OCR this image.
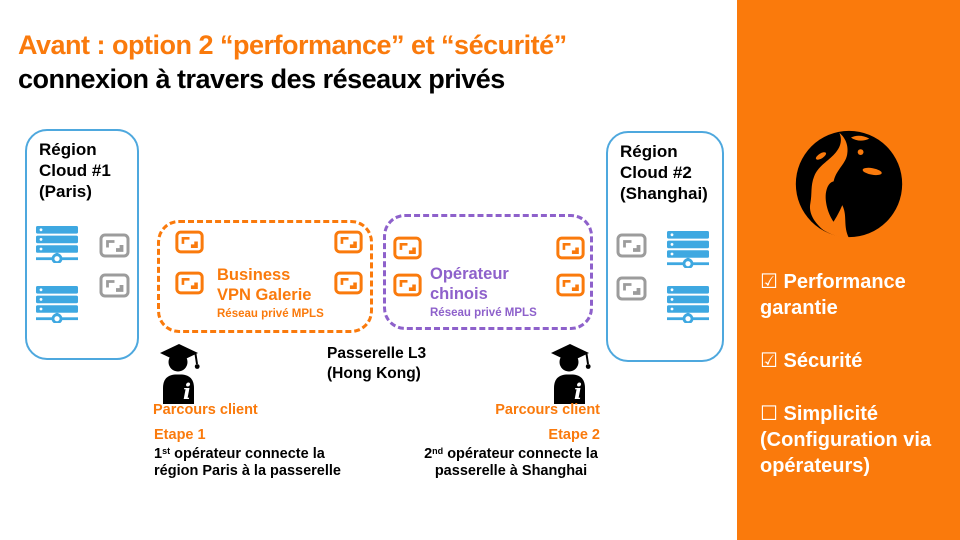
Avant : option 2 “performance” et “sécurité”
connexion à travers des réseaux privés
Région Cloud #1 (Paris)
Région Cloud #2 (Shanghai)
Business
VPN Galerie
Réseau privé MPLS
Opérateur
chinois
Réseau privé MPLS
Passerelle L3
(Hong Kong)
i
Parcours client
Etape 1
1st opérateur connecte la
région Paris à la passerelle
i
Parcours client
Etape 2
2nd opérateur connecte la
passerelle à Shanghai
☑ Performance garantie
☑ Sécurité
☐ Simplicité (Configuration via opérateurs)
